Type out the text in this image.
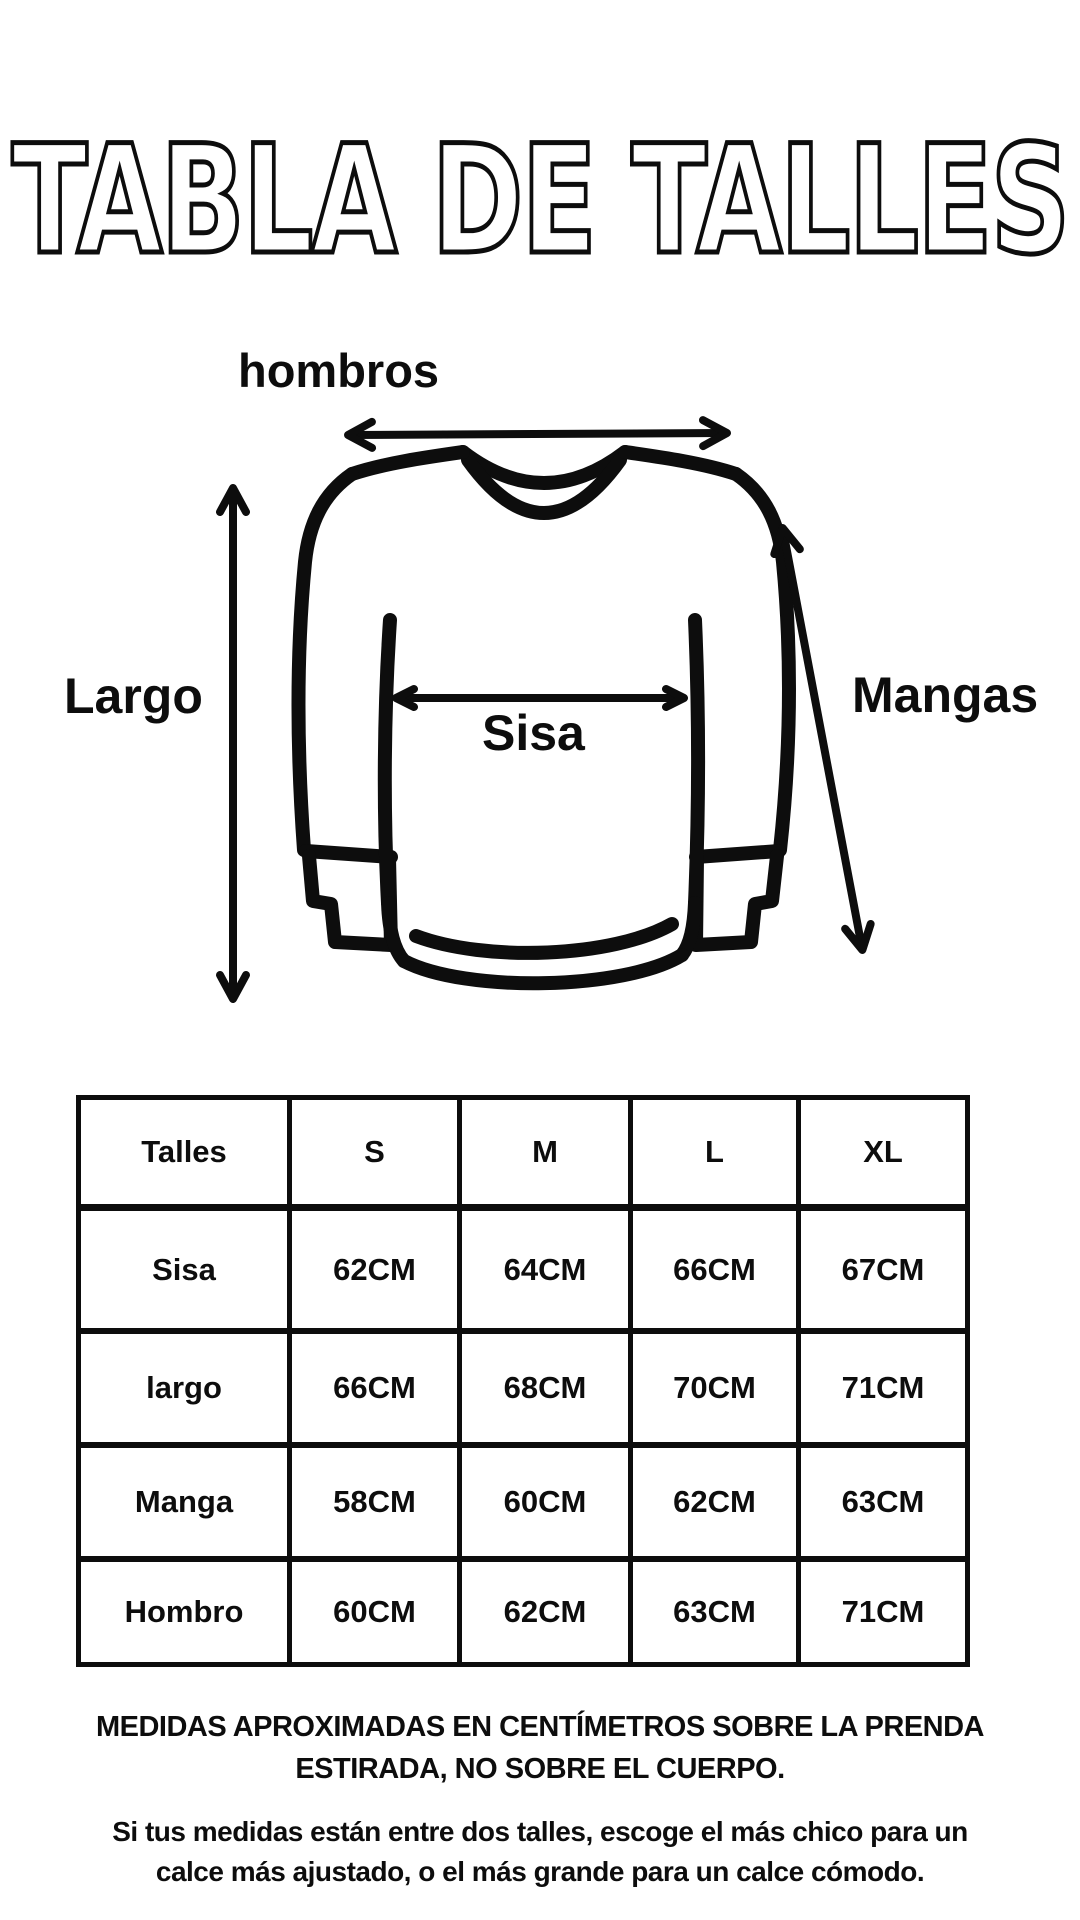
TABLA DE TALLES
hombros
Largo
Sisa
Mangas
Talles	S	M	L	XL
Sisa	62CM	64CM	66CM	67CM
largo	66CM	68CM	70CM	71CM
Manga	58CM	60CM	62CM	63CM
Hombro	60CM	62CM	63CM	71CM
MEDIDAS APROXIMADAS EN CENTÍMETROS SOBRE LA PRENDA
ESTIRADA, NO SOBRE EL CUERPO.
Si tus medidas están entre dos talles, escoge el más chico para un
calce más ajustado, o el más grande para un calce cómodo.
